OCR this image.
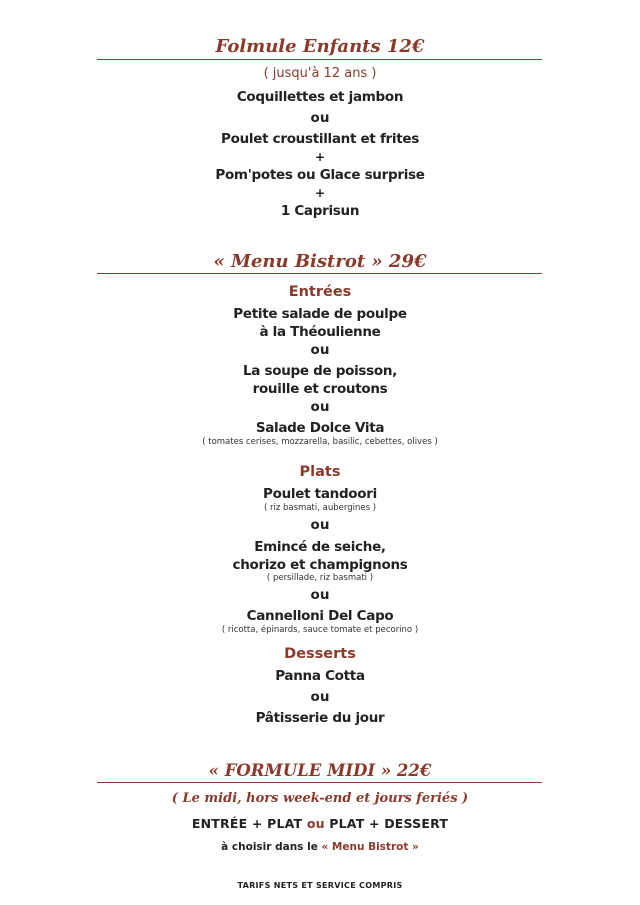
Folmule Enfants 12€
( jusqu'à 12 ans )
Coquillettes et jambon
ou
Poulet croustillant et frites
+
Pom'potes ou Glace surprise
+
1 Caprisun
« Menu Bistrot » 29€
Entrées
Petite salade de poulpe
à la Théoulienne
ou
La soupe de poisson,
rouille et croutons
ou
Salade Dolce Vita
( tomates cerises, mozzarella, basilic, cebettes, olives )
Plats
Poulet tandoori
( riz basmati, aubergines )
ou
Emincé de seiche,
chorizo et champignons
( persillade, riz basmati )
ou
Cannelloni Del Capo
( ricotta, épinards, sauce tomate et pecorino )
Desserts
Panna Cotta
ou
Pâtisserie du jour
« FORMULE MIDI » 22€
( Le midi, hors week-end et jours feriés )
ENTRÉE + PLAT ou PLAT + DESSERT
à choisir dans le « Menu Bistrot »
TARIFS NETS ET SERVICE COMPRIS
